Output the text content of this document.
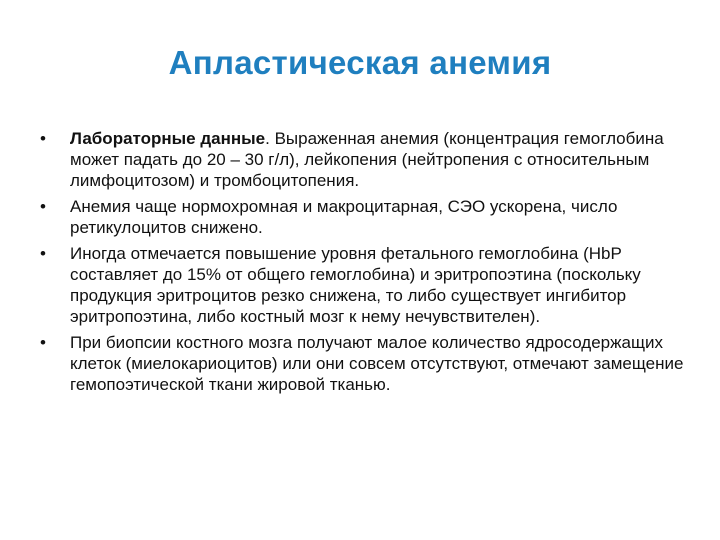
Апластическая анемия
•	Лабораторные данные. Выраженная анемия (концентрация гемоглобина может падать до 20 – 30 г/л), лейкопения (нейтропения с относительным лимфоцитозом) и тромбоцитопения.
•	Анемия чаще нормохромная и макроцитарная, СЭО ускорена, число ретикулоцитов снижено.
•	Иногда отмечается повышение уровня фетального гемоглобина (HbP составляет до 15% от общего гемоглобина) и эритропоэтина (поскольку продукция эритроцитов резко снижена, то либо существует ингибитор эритропоэтина, либо костный мозг к нему нечувствителен).
•	При биопсии костного мозга получают малое количество ядросодержащих клеток (миелокариоцитов) или они совсем отсутствуют, отмечают замещение гемопоэтической ткани жировой тканью.
